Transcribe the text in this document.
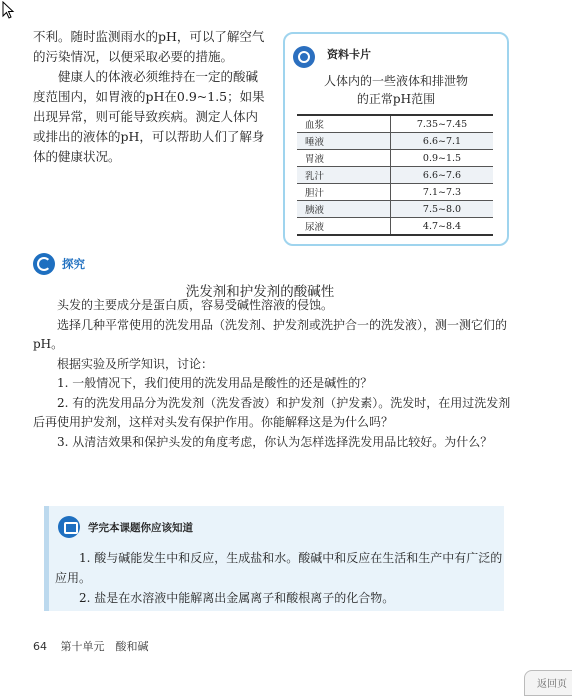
不利。随时监测雨水的pH，可以了解空气的污染情况，以便采取必要的措施。

健康人的体液必须维持在一定的酸碱度范围内，如胃液的pH在0.9~1.5；如果出现异常，则可能导致疾病。测定人体内或排出的液体的pH，可以帮助人们了解身体的健康状况。

资料卡片
人体内的一些液体和排泄物
的正常pH范围
血浆	7.35~7.45
唾液	6.6~7.1
胃液	0.9~1.5
乳汁	6.6~7.6
胆汁	7.1~7.3
胰液	7.5~8.0
尿液	4.7~8.4
探究
洗发剂和护发剂的酸碱性

头发的主要成分是蛋白质，容易受碱性溶液的侵蚀。

选择几种平常使用的洗发用品（洗发剂、护发剂或洗护合一的洗发液），测一测它们的pH。

根据实验及所学知识，讨论：

1. 一般情况下，我们使用的洗发用品是酸性的还是碱性的？

2. 有的洗发用品分为洗发剂（洗发香波）和护发剂（护发素）。洗发时，在用过洗发剂后再使用护发剂，这样对头发有保护作用。你能解释这是为什么吗？

3. 从清洁效果和保护头发的角度考虑，你认为怎样选择洗发用品比较好。为什么？

学完本课题你应该知道

1. 酸与碱能发生中和反应，生成盐和水。酸碱中和反应在生活和生产中有广泛的应用。

2. 盐是在水溶液中能解离出金属离子和酸根离子的化合物。

64 第十单元　酸和碱
返回页
